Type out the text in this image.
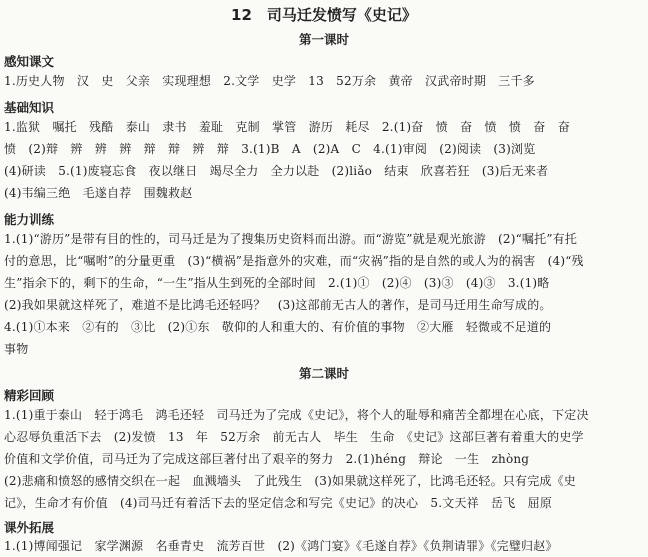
12　司马迁发愤写《史记》
第一课时
感知课文
1.历史人物　汉　史　父亲　实现理想　2.文学　史学　13　52万余　黄帝　汉武帝时期　三千多
基础知识
1.监狱　嘱托　残酷　泰山　隶书　羞耻　克制　掌管　游历　耗尽　2.(1)奋　愤　奋　愤　愤　奋　奋
愤　(2)辩　辨　辨　辨　辩　辩　辨　辩　3.(1)B　A　(2)A　C　4.(1)审阅　(2)阅读　(3)浏览
(4)研读　5.(1)废寝忘食　夜以继日　竭尽全力　全力以赴　(2)liǎo　结束　欣喜若狂　(3)后无来者
(4)韦编三绝　毛遂自荐　围魏救赵
能力训练
1.(1)“游历”是带有目的性的，司马迁是为了搜集历史资料而出游。而“游览”就是观光旅游　(2)“嘱托”有托
付的意思，比“嘱咐”的分量更重　(3)“横祸”是指意外的灾难，而“灾祸”指的是自然的或人为的祸害　(4)“残
生”指余下的，剩下的生命，“一生”指从生到死的全部时间　2.(1)①　(2)④　(3)③　(4)③　3.(1)略
(2)我如果就这样死了，难道不是比鸿毛还轻吗？　(3)这部前无古人的著作，是司马迁用生命写成的。
4.(1)①本来　②有的　③比　(2)①东　敬仰的人和重大的、有价值的事物　②大雁　轻微或不足道的
事物
第二课时
精彩回顾
1.(1)重于泰山　轻于鸿毛　鸿毛还轻　司马迁为了完成《史记》，将个人的耻辱和痛苦全都埋在心底，下定决
心忍辱负重活下去　(2)发愤　13　年　52万余　前无古人　毕生　生命　《史记》这部巨著有着重大的史学
价值和文学价值，司马迁为了完成这部巨著付出了艰辛的努力　2.(1)héng　辩论　一生　zhòng
(2)悲痛和愤怒的感情交织在一起　血溅墙头　了此残生　(3)如果就这样死了，比鸿毛还轻。只有完成《史
记》，生命才有价值　(4)司马迁有着活下去的坚定信念和写完《史记》的决心　5.文天祥　岳飞　屈原
课外拓展
1.(1)博闻强记　家学渊源　名垂青史　流芳百世　(2)《鸿门宴》《毛遂自荐》《负荆请罪》《完璧归赵》
